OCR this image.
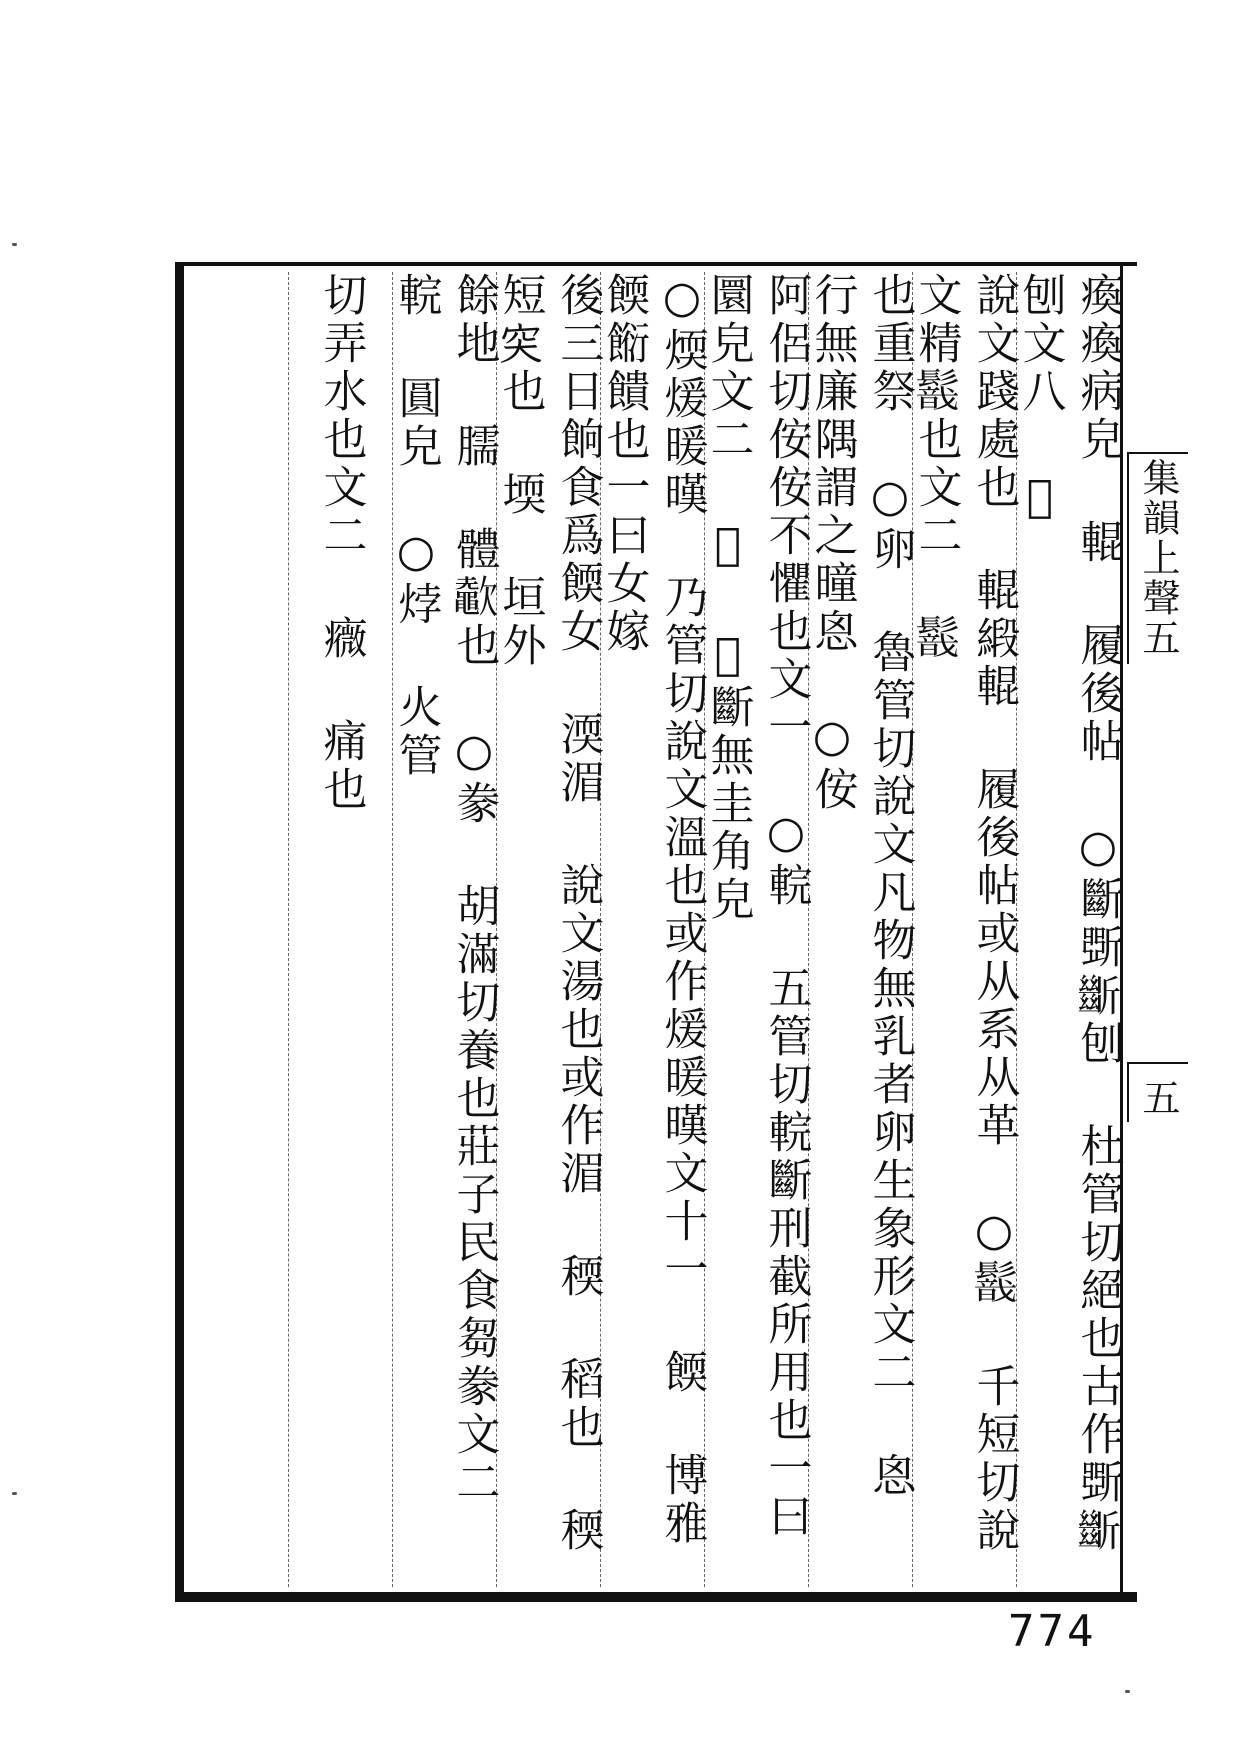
集韻上聲五
五
瘓瘓病皃 輥 履後帖 ○斷斲𣃔刨 杜管切絕也古作斲𣃔刨文八 𨤲
說文踐處也 輥緞輥 履後帖或从系从革 ○𩯈 千短切說文精𩯈也文二 𩯈
也重祭 ○卵 魯管切說文凡物無乳者卵生象形文二 恖 行無廉隅謂之曈恖 ○侒
阿侶切侒侒不懼也文一 ○輐 五管切輐斷刑截所用也一曰圜皃文二 𧇊 𧇊斷無圭角皃
○煗煖暖暵 乃管切說文溫也或作煖暖暵文十一 餪 博雅餪餰饋也一曰女嫁
後三日餉食爲餪女 渜湄 說文湯也或作湄 稬 稻也 稬 短𥤮也 堧 垣外
餘地 臑 體𣤶也 ○豢 胡滿切養也莊子民食芻豢文二 輐 圓皃 ○㶿 火管
切弄水也文二 癓 痛也
774
